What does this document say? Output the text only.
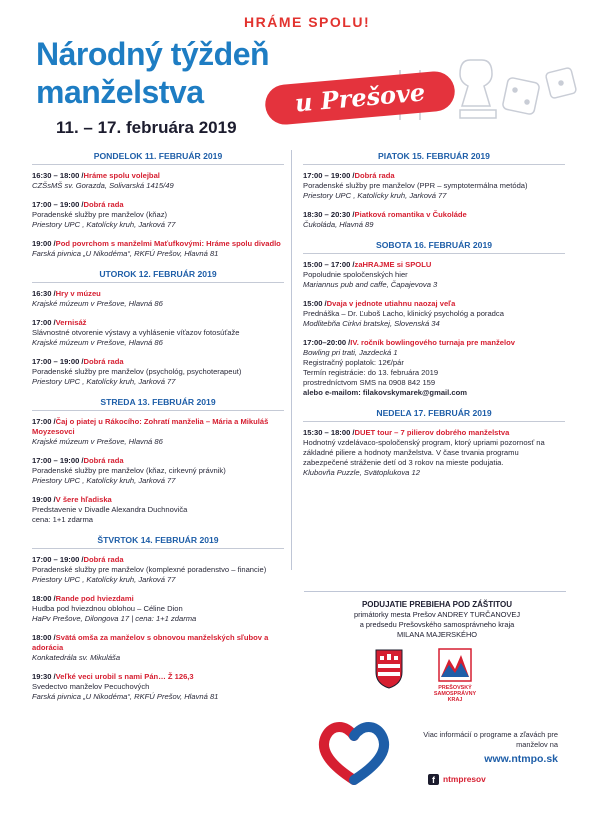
HRÁME SPOLU!
Národný týždeň
manželstva	u Prešove
11. – 17. februára 2019
PONDELOK 11. FEBRUÁR 2019
16:30 – 18:00 /Hráme spolu volejbal
CZŠsMŠ sv. Gorazda, Solivarská 1415/49
17:00 – 19:00 /Dobrá rada
Poradenské služby pre manželov (kňaz)
Priestory UPC , Katolícky kruh, Jarková 77
19:00 /Pod povrchom s manželmi Maťufkovými: Hráme spolu divadlo
Farská pivnica „U Nikodéma“, RKFÚ Prešov, Hlavná 81
UTOROK 12. FEBRUÁR 2019
16:30 /Hry v múzeu
Krajské múzeum v Prešove, Hlavná 86
17:00 /Vernisáž
Slávnostné otvorenie výstavy a vyhlásenie víťazov fotosúťaže
Krajské múzeum v Prešove, Hlavná 86
17:00 – 19:00 /Dobrá rada
Poradenské služby pre manželov (psychológ, psychoterapeut)
Priestory UPC , Katolícky kruh, Jarková 77
STREDA 13. FEBRUÁR 2019
17:00 /Čaj o piatej u Rákocího: Zohratí manželia – Mária a Mikuláš Moyzesovci
Krajské múzeum v Prešove, Hlavná 86
17:00 – 19:00 /Dobrá rada
Poradenské služby pre manželov (kňaz, cirkevný právnik)
Priestory UPC , Katolícky kruh, Jarková 77
19:00 /V šere hľadiska
Predstavenie v Divadle Alexandra Duchnoviča
cena: 1+1 zdarma
ŠTVRTOK 14. FEBRUÁR 2019
17:00 – 19:00 /Dobrá rada
Poradenské služby pre manželov (komplexné poradenstvo – financie)
Priestory UPC , Katolícky kruh, Jarková 77
18:00 /Rande pod hviezdami
Hudba pod hviezdnou oblohou – Céline Dion
HaPv Prešove, Dilongova 17 | cena: 1+1 zdarma
18:00 /Svätá omša za manželov s obnovou manželských sľubov a adorácia
Konkatedrála sv. Mikuláša
19:30 /Veľké veci urobil s nami Pán… Ž 126,3
Svedectvo manželov Pecuchových
Farská pivnica „U Nikodéma“, RKFÚ Prešov, Hlavná 81
PIATOK 15. FEBRUÁR 2019
17:00 – 19:00 /Dobrá rada
Poradenské služby pre manželov (PPR – symptotermálna metóda)
Priestory UPC , Katolícky kruh, Jarková 77
18:30 – 20:30 /Piatková romantika v Čukoláde
Čukoláda, Hlavná 89
SOBOTA 16. FEBRUÁR 2019
15:00 – 17:00 /zaHRAJME si SPOLU
Popoludnie spoločenských hier
Mariannus pub and caffe, Čapajevova 3
15:00 /Dvaja v jednote utiahnu naozaj veľa
Prednáška – Dr. Ľuboš Lacho, klinický psychológ a poradca
Modlitebňa Cirkvi bratskej, Slovenská 34
17:00–20:00 /IV. ročník bowlingového turnaja pre manželov
Bowling pri trati, Jazdecká 1
Registračný poplatok: 12€/pár
Termín registrácie: do 13. februára 2019
prostredníctvom SMS na 0908 842 159
alebo e-mailom: filakovskymarek@gmail.com
NEDEĽA 17. FEBRUÁR 2019
15:30 – 18:00 /DUET tour – 7 pilierov dobrého manželstva
Hodnotný vzdelávaco-spoločenský program, ktorý upriami pozornosť na základné piliere a hodnoty manželstva. V čase trvania programu zabezpečené stráženie detí od 3 rokov na mieste podujatia.
Klubovňa Puzzle, Svätoplukova 12
PODUJATIE PREBIEHA POD ZÁŠTITOU
primátorky mesta Prešov ANDREY TURČANOVEJ
a predsedu Prešovského samosprávneho kraja
MILANA MAJERSKÉHO
PREŠOVSKÝ SAMOSPRÁVNY KRAJ
Viac informácií o programe a zľavách pre manželov na
www.ntmpo.sk
f ntmpresov
